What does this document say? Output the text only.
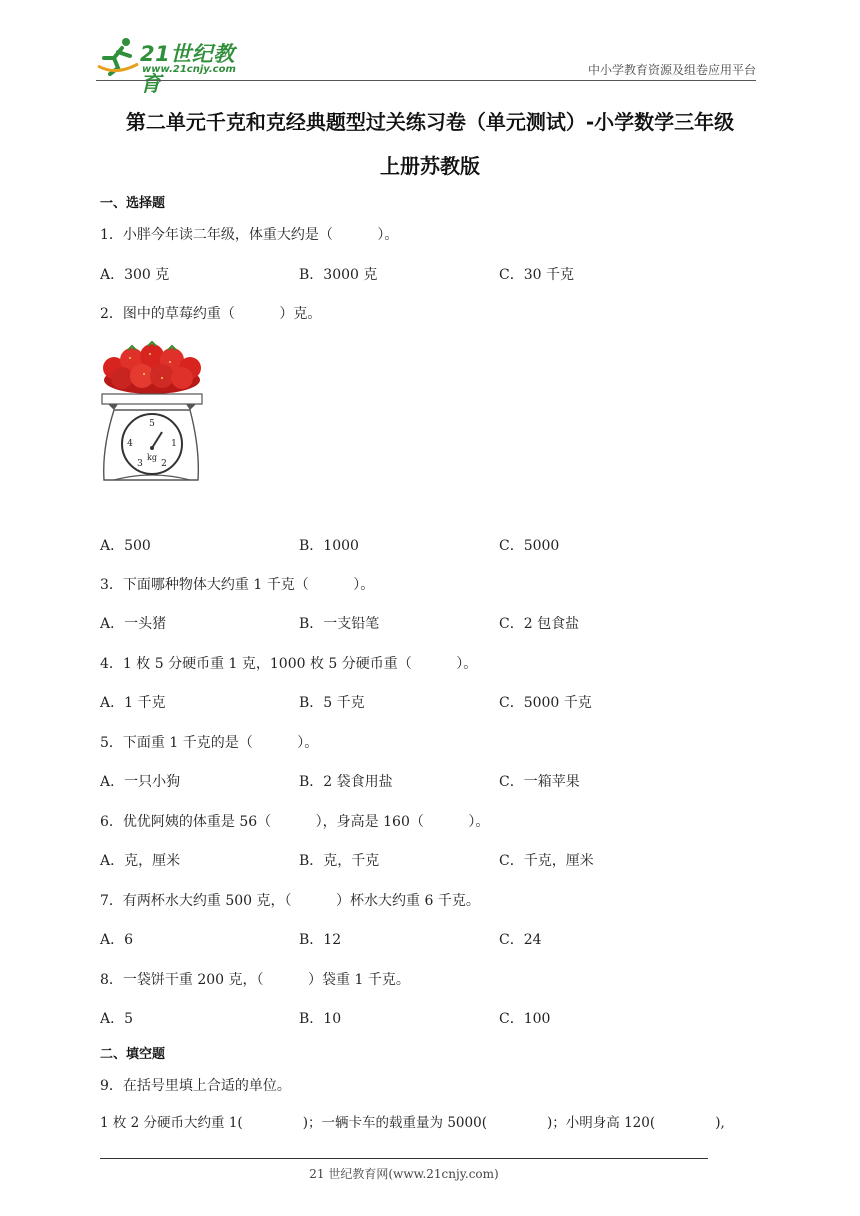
21世纪教育
www.21cnjy.com	中小学教育资源及组卷应用平台
第二单元千克和克经典题型过关练习卷（单元测试）-小学数学三年级
上册苏教版
一、选择题
1．小胖今年读二年级，体重大约是（          ）。
A．300 克	B．3000 克	C．30 千克
2．图中的草莓约重（          ）克。
5
1
2
3
4
kg
A．500	B．1000	C．5000
3．下面哪种物体大约重 1 千克（          ）。
A．一头猪	B．一支铅笔	C．2 包食盐
4．1 枚 5 分硬币重 1 克，1000 枚 5 分硬币重（          ）。
A．1 千克	B．5 千克	C．5000 千克
5．下面重 1 千克的是（          ）。
A．一只小狗	B．2 袋食用盐	C．一箱苹果
6．优优阿姨的体重是 56（          ），身高是 160（          ）。
A．克，厘米	B．克，千克	C．千克，厘米
7．有两杯水大约重 500 克，（          ）杯水大约重 6 千克。
A．6	B．12	C．24
8．一袋饼干重 200 克，（          ）袋重 1 千克。
A．5	B．10	C．100
二、填空题
9．在括号里填上合适的单位。
1 枚 2 分硬币大约重 1(              )；一辆卡车的载重量为 5000(              )；小明身高 120(              ),
21 世纪教育网(www.21cnjy.com)
